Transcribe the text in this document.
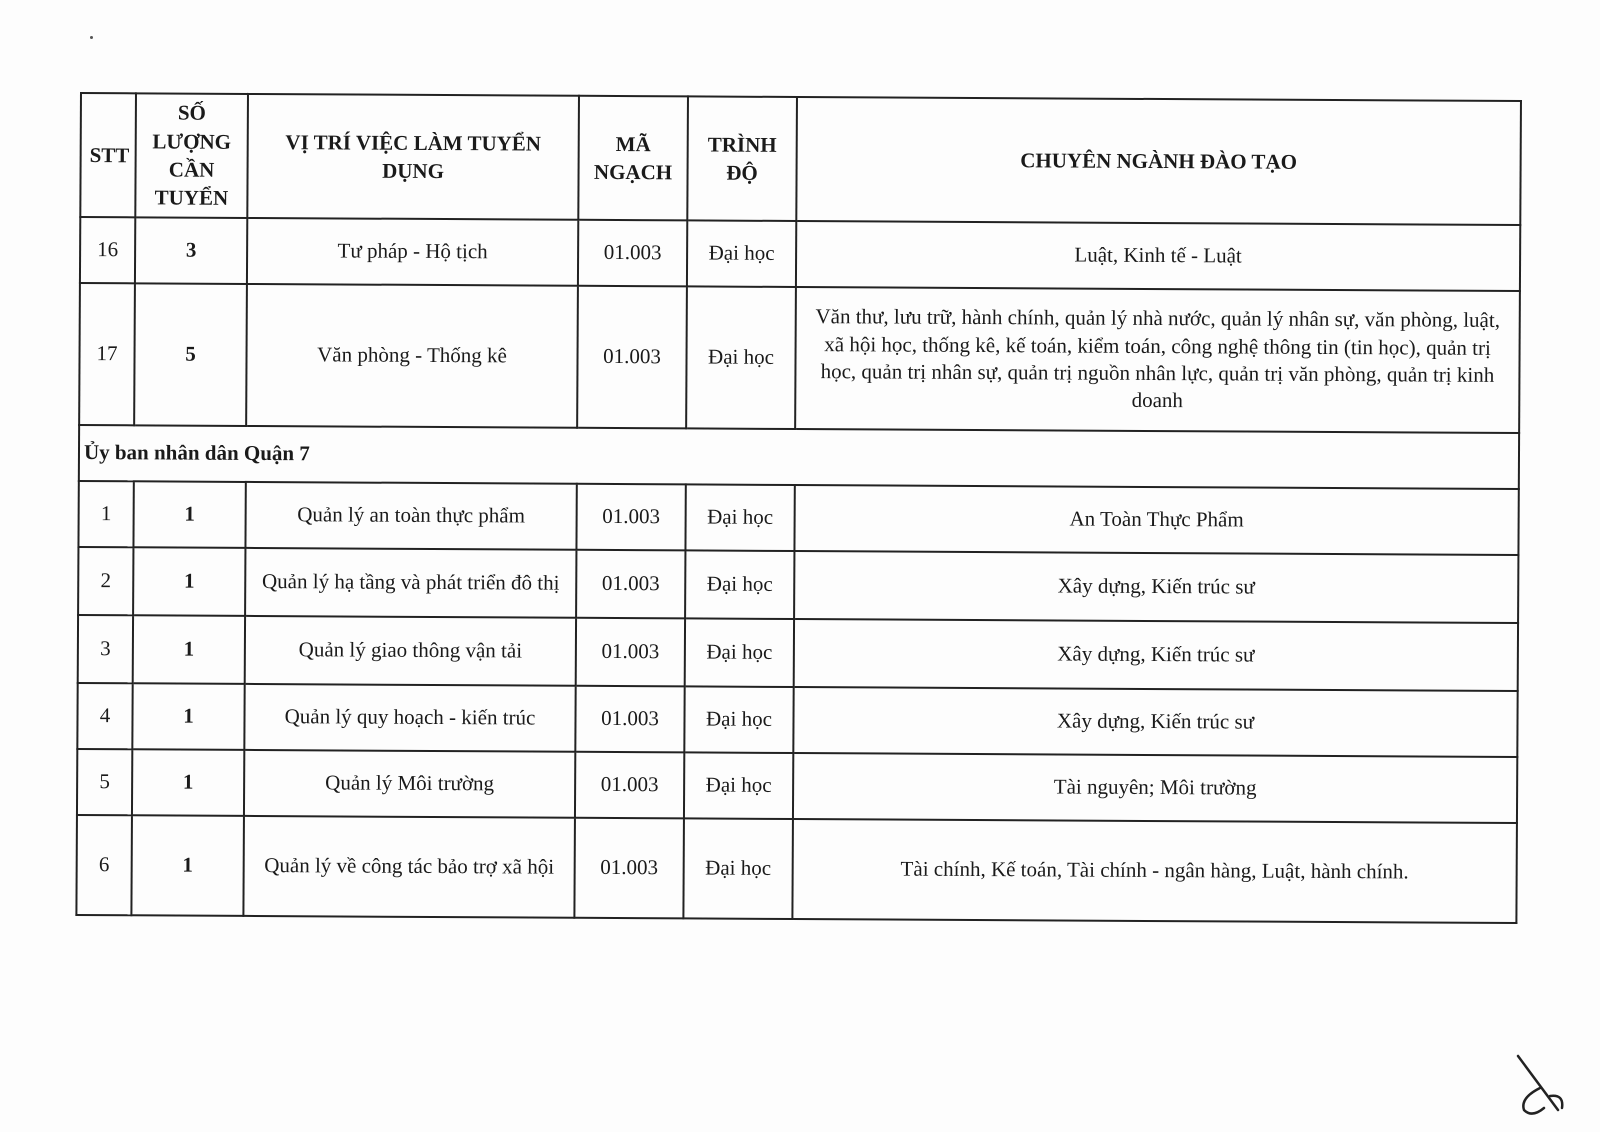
STT	SỐ LƯỢNG CẦN TUYỂN	VỊ TRÍ VIỆC LÀM TUYỂN DỤNG	MÃ NGẠCH	TRÌNH ĐỘ	CHUYÊN NGÀNH ĐÀO TẠO
16	3	Tư pháp - Hộ tịch	01.003	Đại học	Luật, Kinh tế - Luật
17	5	Văn phòng - Thống kê	01.003	Đại học	Văn thư, lưu trữ, hành chính, quản lý nhà nước, quản lý nhân sự, văn phòng, luật, xã hội học, thống kê, kế toán, kiểm toán, công nghệ thông tin (tin học), quản trị học, quản trị nhân sự, quản trị nguồn nhân lực, quản trị văn phòng, quản trị kinh doanh
Ủy ban nhân dân Quận 7					
1	1	Quản lý an toàn thực phẩm	01.003	Đại học	An Toàn Thực Phẩm
2	1	Quản lý hạ tầng và phát triển đô thị	01.003	Đại học	Xây dựng, Kiến trúc sư
3	1	Quản lý giao thông vận tải	01.003	Đại học	Xây dựng, Kiến trúc sư
4	1	Quản lý quy hoạch - kiến trúc	01.003	Đại học	Xây dựng, Kiến trúc sư
5	1	Quản lý Môi trường	01.003	Đại học	Tài nguyên; Môi trường
6	1	Quản lý về công tác bảo trợ xã hội	01.003	Đại học	Tài chính, Kế toán, Tài chính - ngân hàng, Luật, hành chính.
